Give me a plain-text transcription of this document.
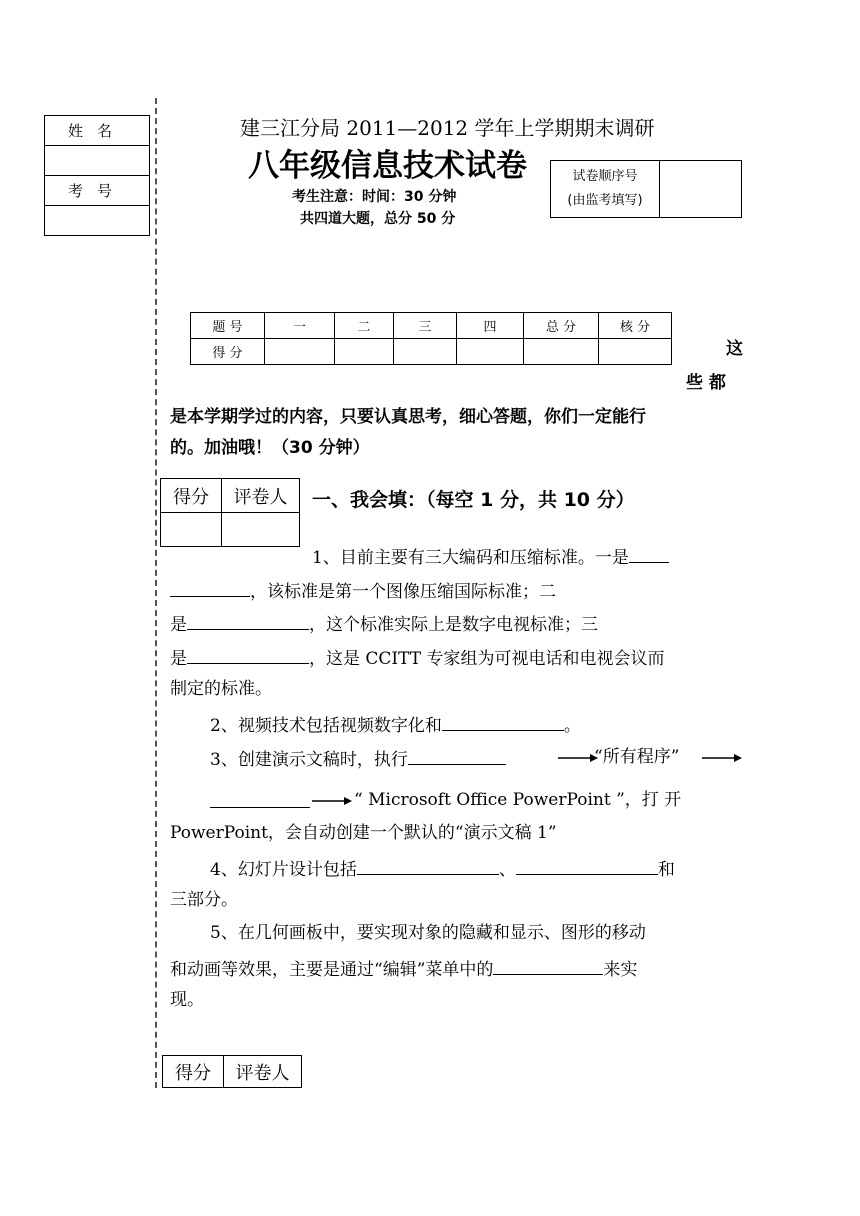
姓名

考号

建三江分局 2011—2012 学年上学期期末调研
八年级信息技术试卷
考生注意：时间：30 分钟
共四道大题，总分 50 分
试卷顺序号
(由监考填写)	
题 号	一	二	三	四	总 分	核 分
得 分							这
些 都
是本学期学过的内容，只要认真思考，细心答题，你们一定能行
的。加油哦！（30 分钟）
得分	评卷人
	一、我会填：（每空 1 分，共 10 分）
1、目前主要有三大编码和压缩标准。一是
，该标准是第一个图像压缩国际标准；二
是	，这个标准实际上是数字电视标准；三
是	，这是 CCITT 专家组为可视电话和电视会议而
制定的标准。
2、视频技术包括视频数字化和	。
3、创建演示文稿时，执行	“所有程序”
“ Microsoft Office PowerPoint ”，打 开
PowerPoint，会自动创建一个默认的“演示文稿 1”
4、幻灯片设计包括	、	和
三部分。
5、在几何画板中，要实现对象的隐藏和显示、图形的移动
和动画等效果，主要是通过“编辑”菜单中的	来实
现。
得分	评卷人
